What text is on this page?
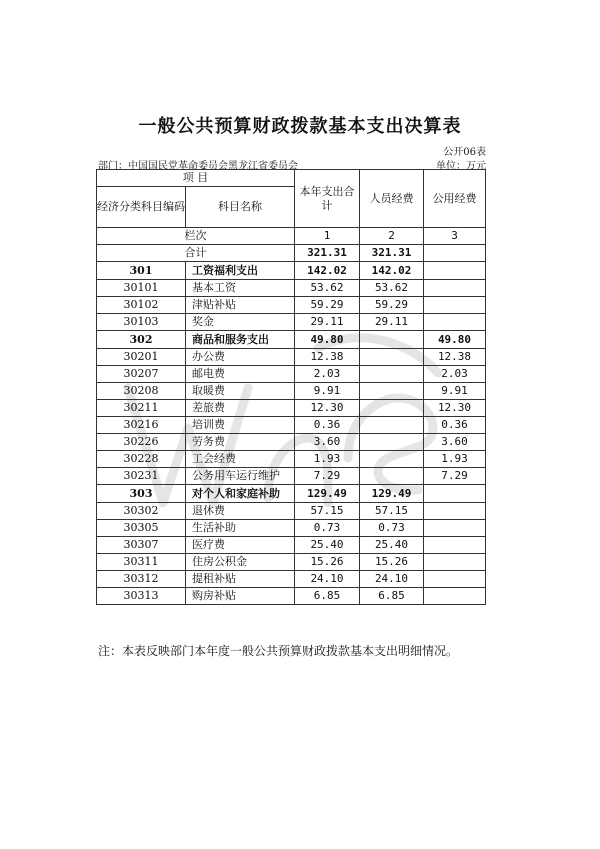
一般公共预算财政拨款基本支出决算表
公开06表
部门：中国国民党革命委员会黑龙江省委员会	单位：万元
项 目		本年支出合计	人员经费	公用经费
经济分类科目编码	科目名称			
栏次		1	2	3
合计		321.31	321.31	
301	工资福利支出	142.02	142.02	
30101	基本工资	53.62	53.62	
30102	津贴补贴	59.29	59.29	
30103	奖金	29.11	29.11	
302	商品和服务支出	49.80		49.80
30201	办公费	12.38		12.38
30207	邮电费	2.03		2.03
30208	取暖费	9.91		9.91
30211	差旅费	12.30		12.30
30216	培训费	0.36		0.36
30226	劳务费	3.60		3.60
30228	工会经费	1.93		1.93
30231	公务用车运行维护	7.29		7.29
303	对个人和家庭补助	129.49	129.49	
30302	退休费	57.15	57.15	
30305	生活补助	0.73	0.73	
30307	医疗费	25.40	25.40	
30311	住房公积金	15.26	15.26	
30312	提租补贴	24.10	24.10	
30313	购房补贴	6.85	6.85	
注：本表反映部门本年度一般公共预算财政拨款基本支出明细情况。
